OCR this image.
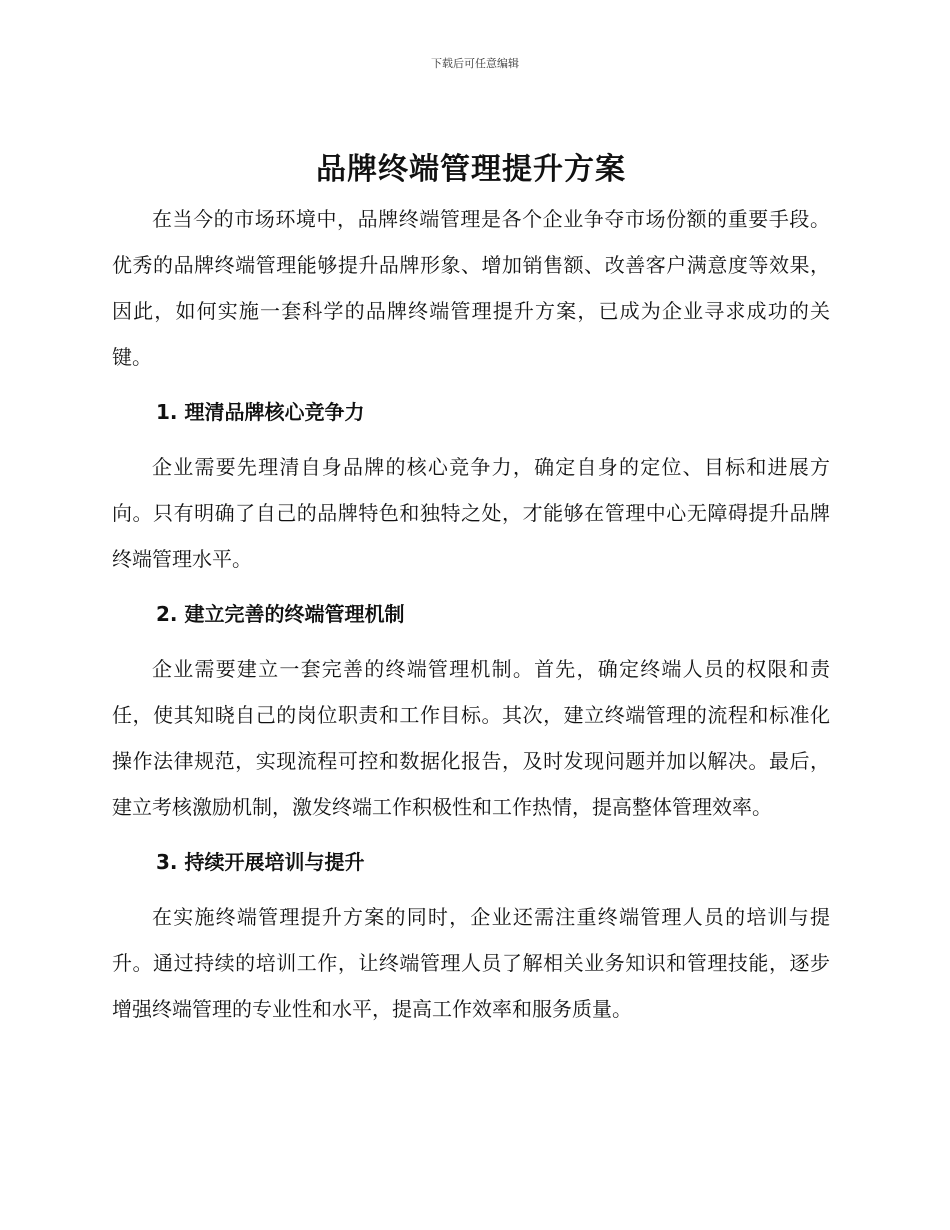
下载后可任意编辑
品牌终端管理提升方案

在当今的市场环境中，品牌终端管理是各个企业争夺市场份额的重要手段。优秀的品牌终端管理能够提升品牌形象、增加销售额、改善客户满意度等效果，因此，如何实施一套科学的品牌终端管理提升方案，已成为企业寻求成功的关键。

1. 理清品牌核心竞争力

企业需要先理清自身品牌的核心竞争力，确定自身的定位、目标和进展方向。只有明确了自己的品牌特色和独特之处，才能够在管理中心无障碍提升品牌终端管理水平。

2. 建立完善的终端管理机制

企业需要建立一套完善的终端管理机制。首先，确定终端人员的权限和责任，使其知晓自己的岗位职责和工作目标。其次，建立终端管理的流程和标准化操作法律规范，实现流程可控和数据化报告，及时发现问题并加以解决。最后，建立考核激励机制，激发终端工作积极性和工作热情，提高整体管理效率。

3. 持续开展培训与提升

在实施终端管理提升方案的同时，企业还需注重终端管理人员的培训与提升。通过持续的培训工作，让终端管理人员了解相关业务知识和管理技能，逐步增强终端管理的专业性和水平，提高工作效率和服务质量。
